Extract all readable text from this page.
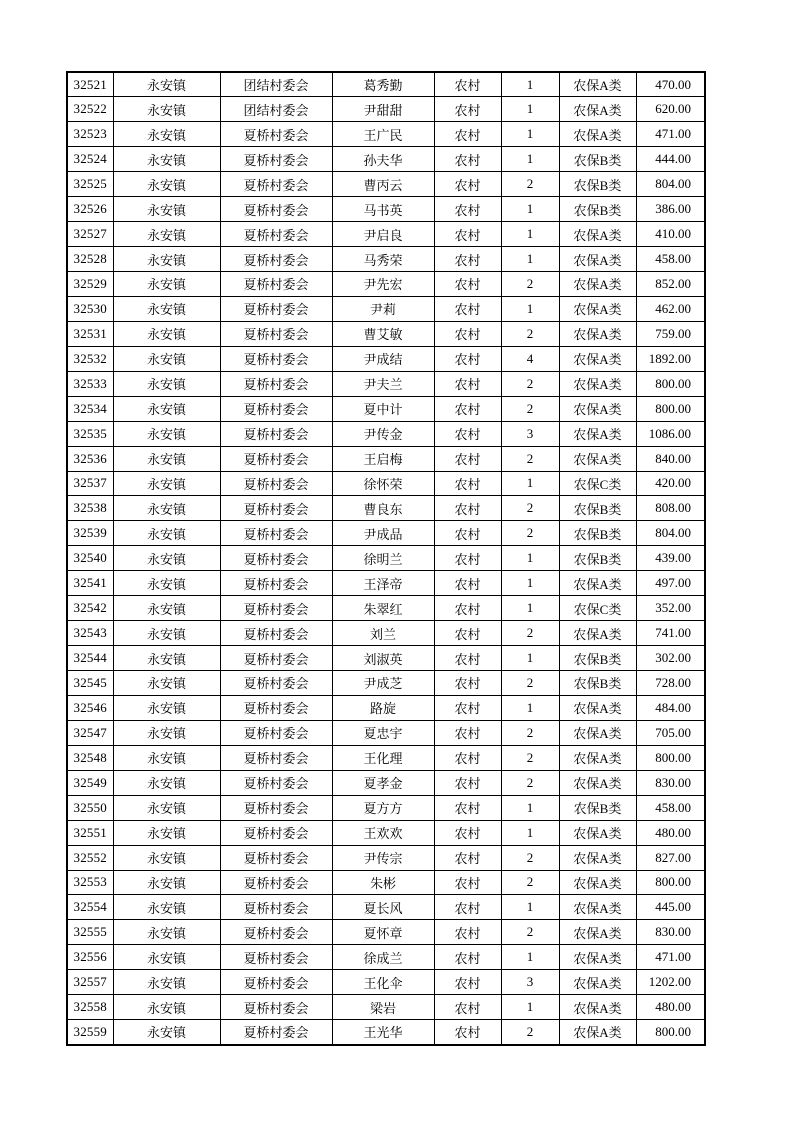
32521	永安镇	团结村委会	葛秀勤	农村	1	农保A类	470.00
32522	永安镇	团结村委会	尹甜甜	农村	1	农保A类	620.00
32523	永安镇	夏桥村委会	王广民	农村	1	农保A类	471.00
32524	永安镇	夏桥村委会	孙夫华	农村	1	农保B类	444.00
32525	永安镇	夏桥村委会	曹丙云	农村	2	农保B类	804.00
32526	永安镇	夏桥村委会	马书英	农村	1	农保B类	386.00
32527	永安镇	夏桥村委会	尹启良	农村	1	农保A类	410.00
32528	永安镇	夏桥村委会	马秀荣	农村	1	农保A类	458.00
32529	永安镇	夏桥村委会	尹先宏	农村	2	农保A类	852.00
32530	永安镇	夏桥村委会	尹莉	农村	1	农保A类	462.00
32531	永安镇	夏桥村委会	曹艾敏	农村	2	农保A类	759.00
32532	永安镇	夏桥村委会	尹成结	农村	4	农保A类	1892.00
32533	永安镇	夏桥村委会	尹夫兰	农村	2	农保A类	800.00
32534	永安镇	夏桥村委会	夏中计	农村	2	农保A类	800.00
32535	永安镇	夏桥村委会	尹传金	农村	3	农保A类	1086.00
32536	永安镇	夏桥村委会	王启梅	农村	2	农保A类	840.00
32537	永安镇	夏桥村委会	徐怀荣	农村	1	农保C类	420.00
32538	永安镇	夏桥村委会	曹良东	农村	2	农保B类	808.00
32539	永安镇	夏桥村委会	尹成品	农村	2	农保B类	804.00
32540	永安镇	夏桥村委会	徐明兰	农村	1	农保B类	439.00
32541	永安镇	夏桥村委会	王泽帝	农村	1	农保A类	497.00
32542	永安镇	夏桥村委会	朱翠红	农村	1	农保C类	352.00
32543	永安镇	夏桥村委会	刘兰	农村	2	农保A类	741.00
32544	永安镇	夏桥村委会	刘淑英	农村	1	农保B类	302.00
32545	永安镇	夏桥村委会	尹成芝	农村	2	农保B类	728.00
32546	永安镇	夏桥村委会	路旋	农村	1	农保A类	484.00
32547	永安镇	夏桥村委会	夏忠宇	农村	2	农保A类	705.00
32548	永安镇	夏桥村委会	王化理	农村	2	农保A类	800.00
32549	永安镇	夏桥村委会	夏孝金	农村	2	农保A类	830.00
32550	永安镇	夏桥村委会	夏方方	农村	1	农保B类	458.00
32551	永安镇	夏桥村委会	王欢欢	农村	1	农保A类	480.00
32552	永安镇	夏桥村委会	尹传宗	农村	2	农保A类	827.00
32553	永安镇	夏桥村委会	朱彬	农村	2	农保A类	800.00
32554	永安镇	夏桥村委会	夏长风	农村	1	农保A类	445.00
32555	永安镇	夏桥村委会	夏怀章	农村	2	农保A类	830.00
32556	永安镇	夏桥村委会	徐成兰	农村	1	农保A类	471.00
32557	永安镇	夏桥村委会	王化伞	农村	3	农保A类	1202.00
32558	永安镇	夏桥村委会	梁岩	农村	1	农保A类	480.00
32559	永安镇	夏桥村委会	王光华	农村	2	农保A类	800.00
